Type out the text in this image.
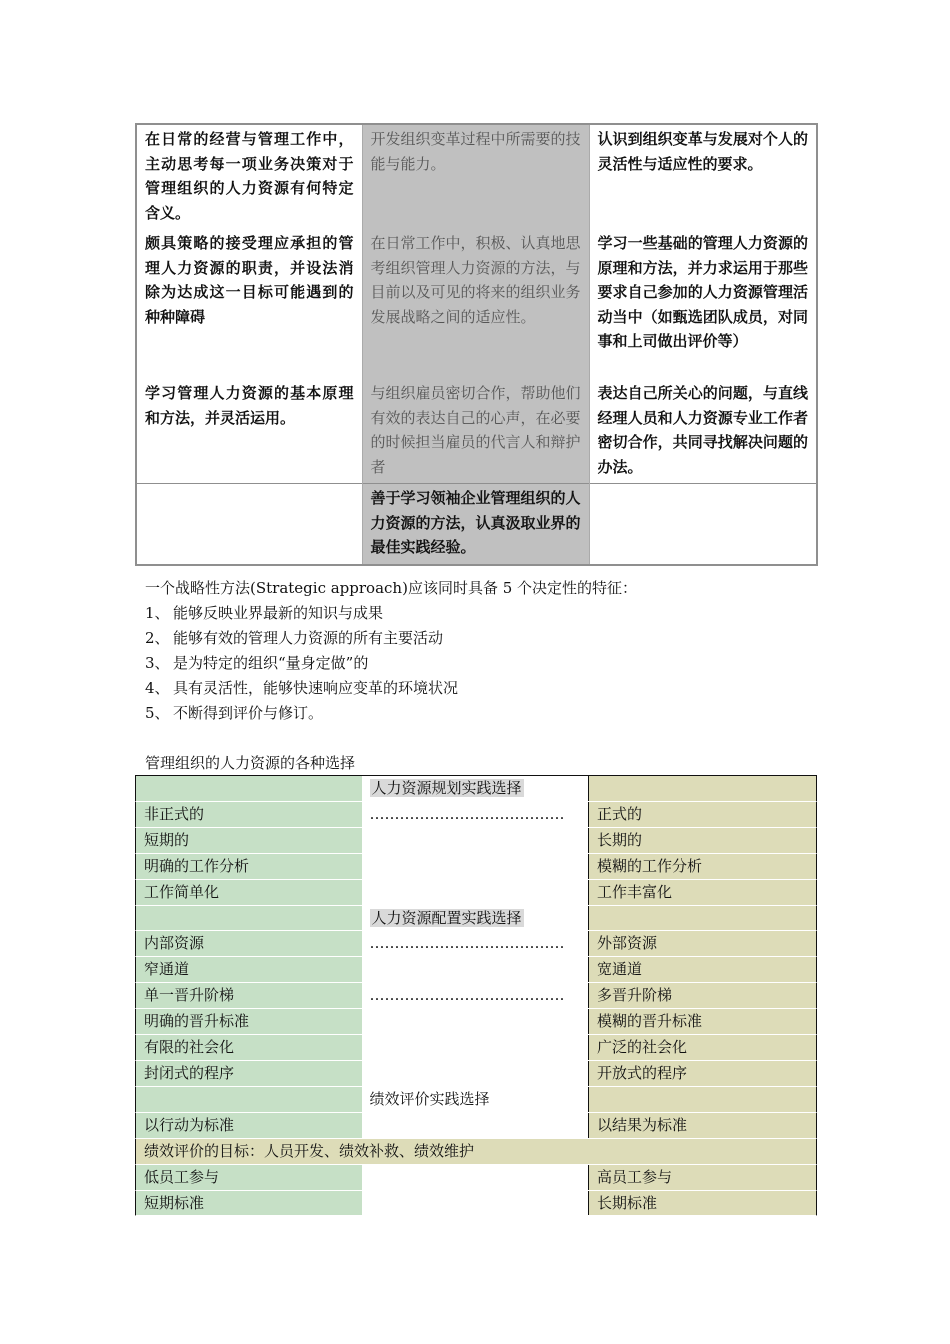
在日常的经营与管理工作中，主动思考每一项业务决策对于管理组织的人力资源有何特定含义。	开发组织变革过程中所需要的技能与能力。	认识到组织变革与发展对个人的灵活性与适应性的要求。
颇具策略的接受理应承担的管理人力资源的职责，并设法消除为达成这一目标可能遇到的种种障碍	在日常工作中，积极、认真地思考组织管理人力资源的方法，与目前以及可见的将来的组织业务发展战略之间的适应性。	学习一些基础的管理人力资源的原理和方法，并力求运用于那些要求自己参加的人力资源管理活动当中（如甄选团队成员，对同事和上司做出评价等）
学习管理人力资源的基本原理和方法，并灵活运用。	与组织雇员密切合作，帮助他们有效的表达自己的心声，在必要的时候担当雇员的代言人和辩护者	表达自己所关心的问题，与直线经理人员和人力资源专业工作者密切合作，共同寻找解决问题的办法。
	善于学习领袖企业管理组织的人力资源的方法，认真汲取业界的最佳实践经验。	
一个战略性方法(Strategic approach)应该同时具备 5 个决定性的特征：
1、 能够反映业界最新的知识与成果
2、 能够有效的管理人力资源的所有主要活动
3、 是为特定的组织“量身定做”的
4、 具有灵活性，能够快速响应变革的环境状况
5、 不断得到评价与修订。
管理组织的人力资源的各种选择
	人力资源规划实践选择	
非正式的	…………………………………	正式的
短期的		长期的
明确的工作分析		模糊的工作分析
工作简单化		工作丰富化
	人力资源配置实践选择	
内部资源	…………………………………	外部资源
窄通道		宽通道
单一晋升阶梯	…………………………………	多晋升阶梯
明确的晋升标准		模糊的晋升标准
有限的社会化		广泛的社会化
封闭式的程序		开放式的程序
	绩效评价实践选择	
以行动为标准		以结果为标准
绩效评价的目标：人员开发、绩效补救、绩效维护		
低员工参与		高员工参与
短期标准		长期标准
